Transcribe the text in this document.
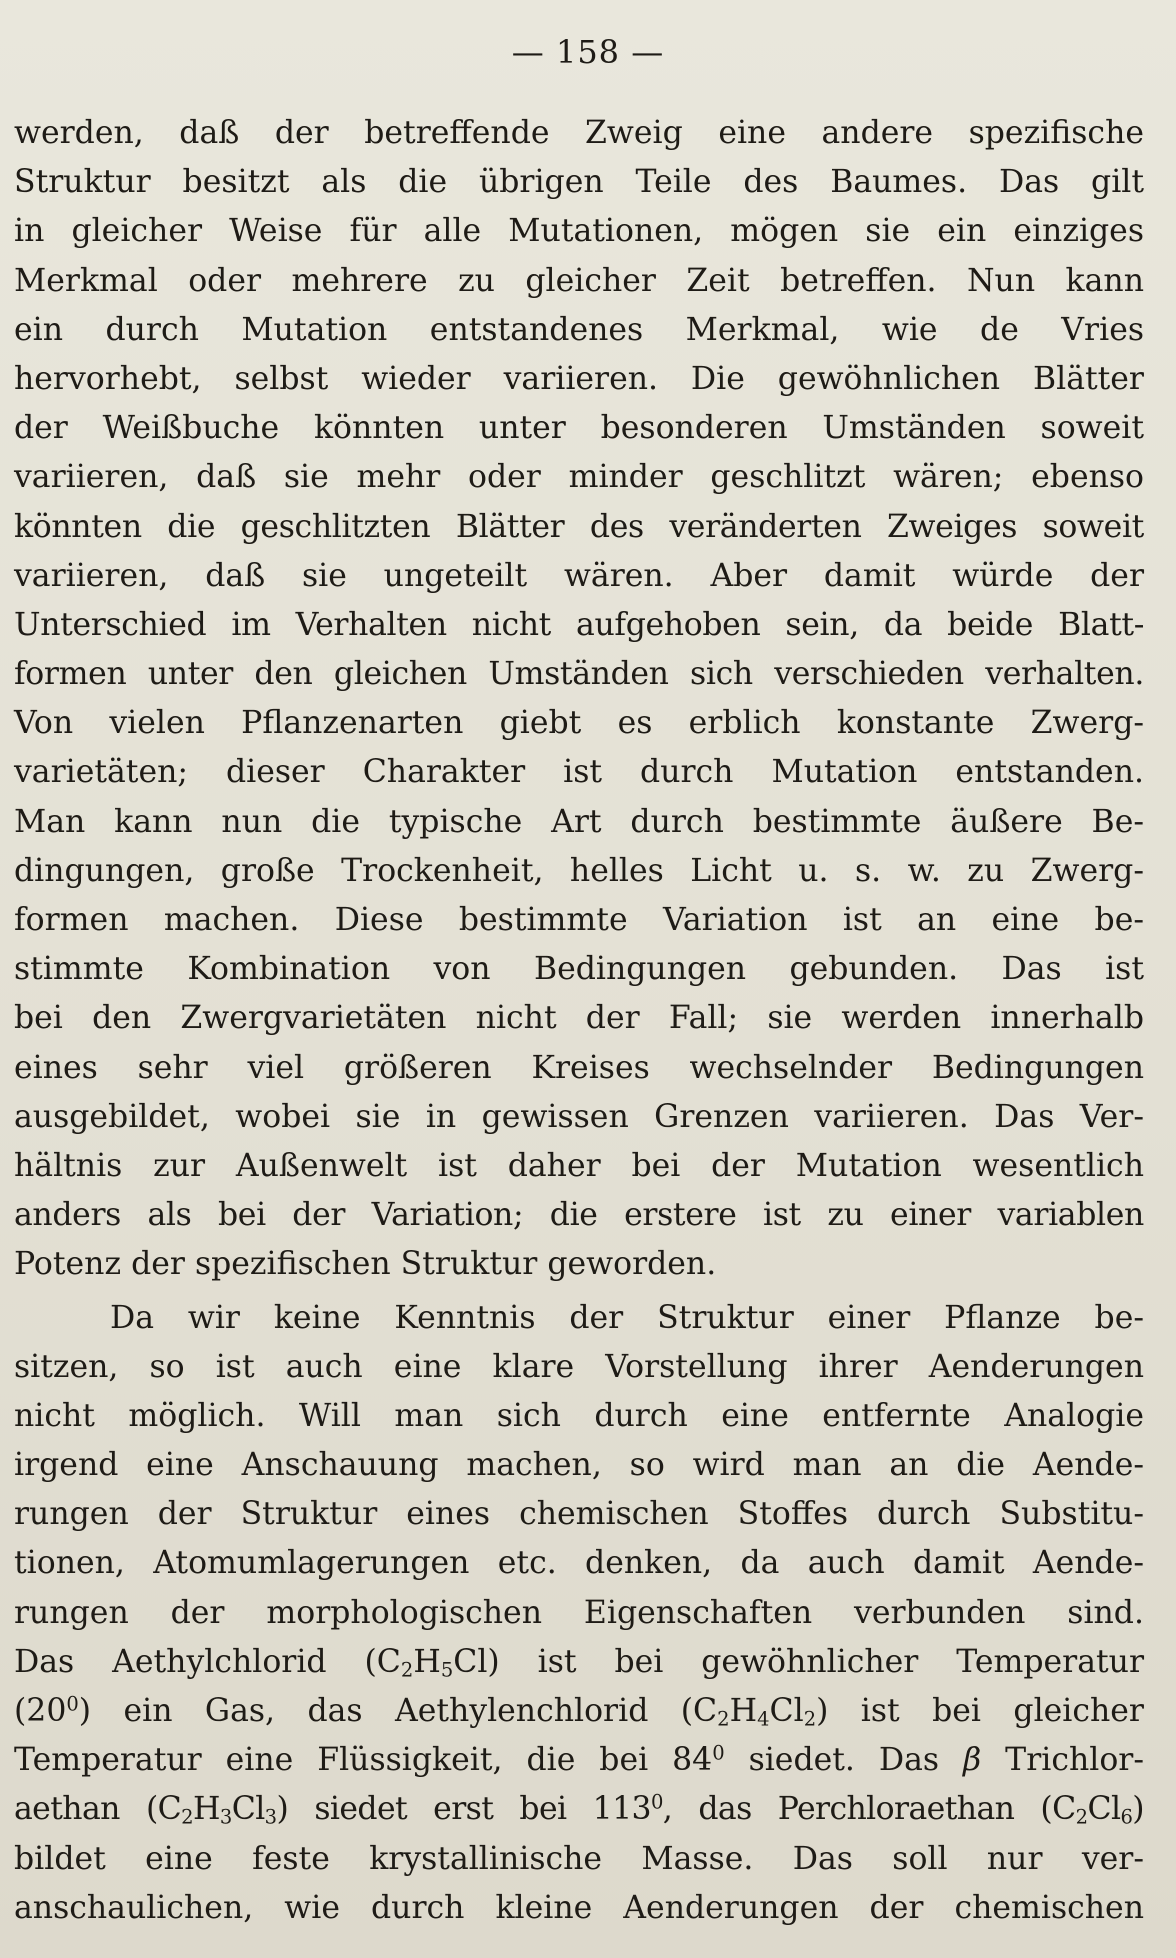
— 158 —
werden, daß der betreffende Zweig eine andere spezifische
Struktur besitzt als die übrigen Teile des Baumes. Das gilt
in gleicher Weise für alle Mutationen, mögen sie ein einziges
Merkmal oder mehrere zu gleicher Zeit betreffen. Nun kann
ein durch Mutation entstandenes Merkmal, wie de Vries
hervorhebt, selbst wieder variieren. Die gewöhnlichen Blätter
der Weißbuche könnten unter besonderen Umständen soweit
variieren, daß sie mehr oder minder geschlitzt wären; ebenso
könnten die geschlitzten Blätter des veränderten Zweiges soweit
variieren, daß sie ungeteilt wären. Aber damit würde der
Unterschied im Verhalten nicht aufgehoben sein, da beide Blatt-
formen unter den gleichen Umständen sich verschieden verhalten.
Von vielen Pflanzenarten giebt es erblich konstante Zwerg-
varietäten; dieser Charakter ist durch Mutation entstanden.
Man kann nun die typische Art durch bestimmte äußere Be-
dingungen, große Trockenheit, helles Licht u. s. w. zu Zwerg-
formen machen. Diese bestimmte Variation ist an eine be-
stimmte Kombination von Bedingungen gebunden. Das ist
bei den Zwergvarietäten nicht der Fall; sie werden innerhalb
eines sehr viel größeren Kreises wechselnder Bedingungen
ausgebildet, wobei sie in gewissen Grenzen variieren. Das Ver-
hältnis zur Außenwelt ist daher bei der Mutation wesentlich
anders als bei der Variation; die erstere ist zu einer variablen
Potenz der spezifischen Struktur geworden.
Da wir keine Kenntnis der Struktur einer Pflanze be-
sitzen, so ist auch eine klare Vorstellung ihrer Aenderungen
nicht möglich. Will man sich durch eine entfernte Analogie
irgend eine Anschauung machen, so wird man an die Aende-
rungen der Struktur eines chemischen Stoffes durch Substitu-
tionen, Atomumlagerungen etc. denken, da auch damit Aende-
rungen der morphologischen Eigenschaften verbunden sind.
Das Aethylchlorid $(C_2H_5Cl)$ ist bei gewöhnlicher Temperatur
$(20^0)$ ein Gas, das Aethylenchlorid $(C_2H_4Cl_2)$ ist bei gleicher
Temperatur eine Flüssigkeit, die bei $84^0$ siedet. Das β Trichlor-
aethan $(C_2H_3Cl_3)$ siedet erst bei $113^0$, das Perchloraethan $(C_2Cl_6)$
bildet eine feste krystallinische Masse. Das soll nur ver-
anschaulichen, wie durch kleine Aenderungen der chemischen
